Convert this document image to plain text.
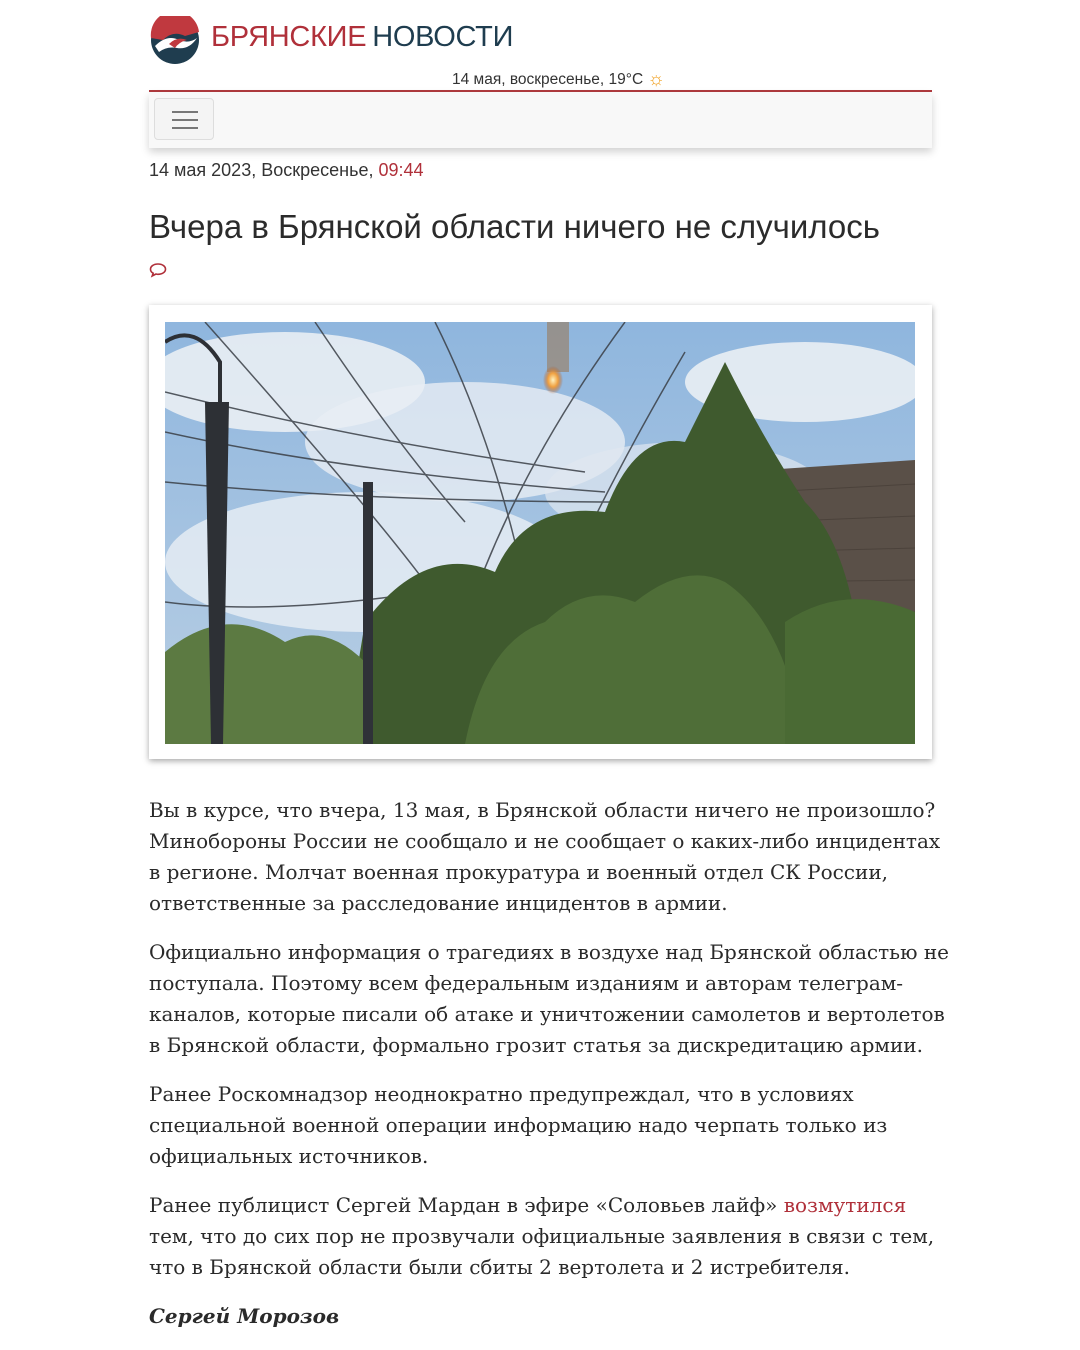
БРЯНСКИЕ НОВОСТИ
14 мая, воскресенье, 19°C ☼
14 мая 2023, Воскресенье, 09:44
Вчера в Брянской области ничего не случилось

Вы в курсе, что вчера, 13 мая, в Брянской области ничего не произошло? Минобороны России не сообщало и не сообщает о каких-либо инцидентах в регионе. Молчат военная прокуратура и военный отдел СК России, ответственные за расследование инцидентов в армии.

Официально информация о трагедиях в воздухе над Брянской областью не поступала. Поэтому всем федеральным изданиям и авторам телеграм-каналов, которые писали об атаке и уничтожении самолетов и вертолетов в Брянской области, формально грозит статья за дискредитацию армии.

Ранее Роскомнадзор неоднократно предупреждал, что в условиях специальной военной операции информацию надо черпать только из официальных источников.

Ранее публицист Сергей Мардан в эфире «Соловьев лайф» возмутился тем, что до сих пор не прозвучали официальные заявления в связи с тем, что в Брянской области были сбиты 2 вертолета и 2 истребителя.

Сергей Морозов
